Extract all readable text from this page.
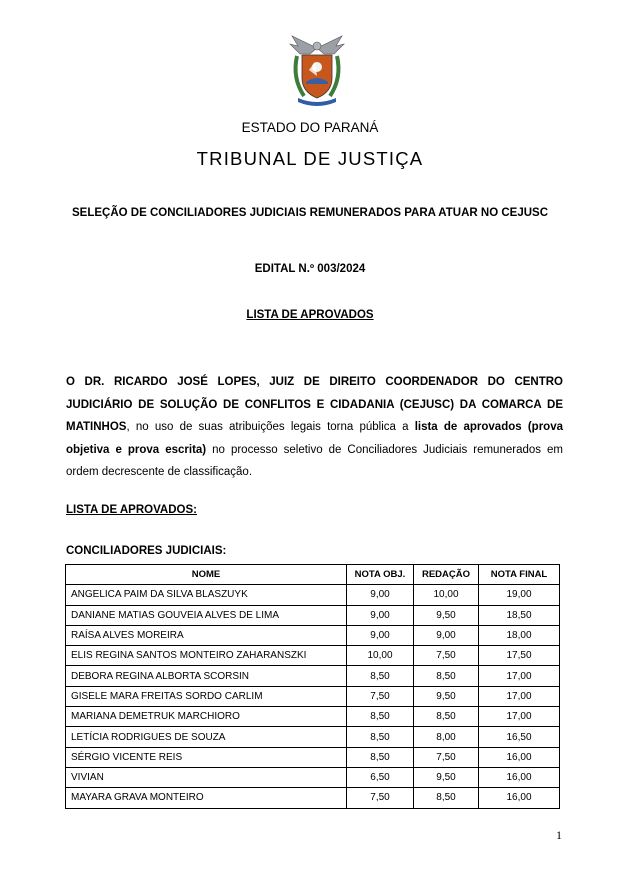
ESTADO DO PARANÁ
TRIBUNAL DE JUSTIÇA
SELEÇÃO DE CONCILIADORES JUDICIAIS REMUNERADOS PARA ATUAR NO CEJUSC
EDITAL N.º 003/2024
LISTA DE APROVADOS
O DR. RICARDO JOSÉ LOPES, JUIZ DE DIREITO COORDENADOR DO CENTRO JUDICIÁRIO DE SOLUÇÃO DE CONFLITOS E CIDADANIA (CEJUSC) DA COMARCA DE MATINHOS, no uso de suas atribuições legais torna pública a lista de aprovados (prova objetiva e prova escrita) no processo seletivo de Conciliadores Judiciais remunerados em ordem decrescente de classificação.
LISTA DE APROVADOS:
CONCILIADORES JUDICIAIS:
NOME	NOTA OBJ.	REDAÇÃO	NOTA FINAL
ANGELICA PAIM DA SILVA BLASZUYK	9,00	10,00	19,00
DANIANE MATIAS GOUVEIA ALVES DE LIMA	9,00	9,50	18,50
RAÍSA ALVES MOREIRA	9,00	9,00	18,00
ELIS REGINA SANTOS MONTEIRO ZAHARANSZKI	10,00	7,50	17,50
DEBORA REGINA ALBORTA SCORSIN	8,50	8,50	17,00
GISELE MARA FREITAS SORDO CARLIM	7,50	9,50	17,00
MARIANA DEMETRUK MARCHIORO	8,50	8,50	17,00
LETÍCIA RODRIGUES DE SOUZA	8,50	8,00	16,50
SÉRGIO VICENTE REIS	8,50	7,50	16,00
VIVIAN	6,50	9,50	16,00
MAYARA GRAVA MONTEIRO	7,50	8,50	16,00
1
